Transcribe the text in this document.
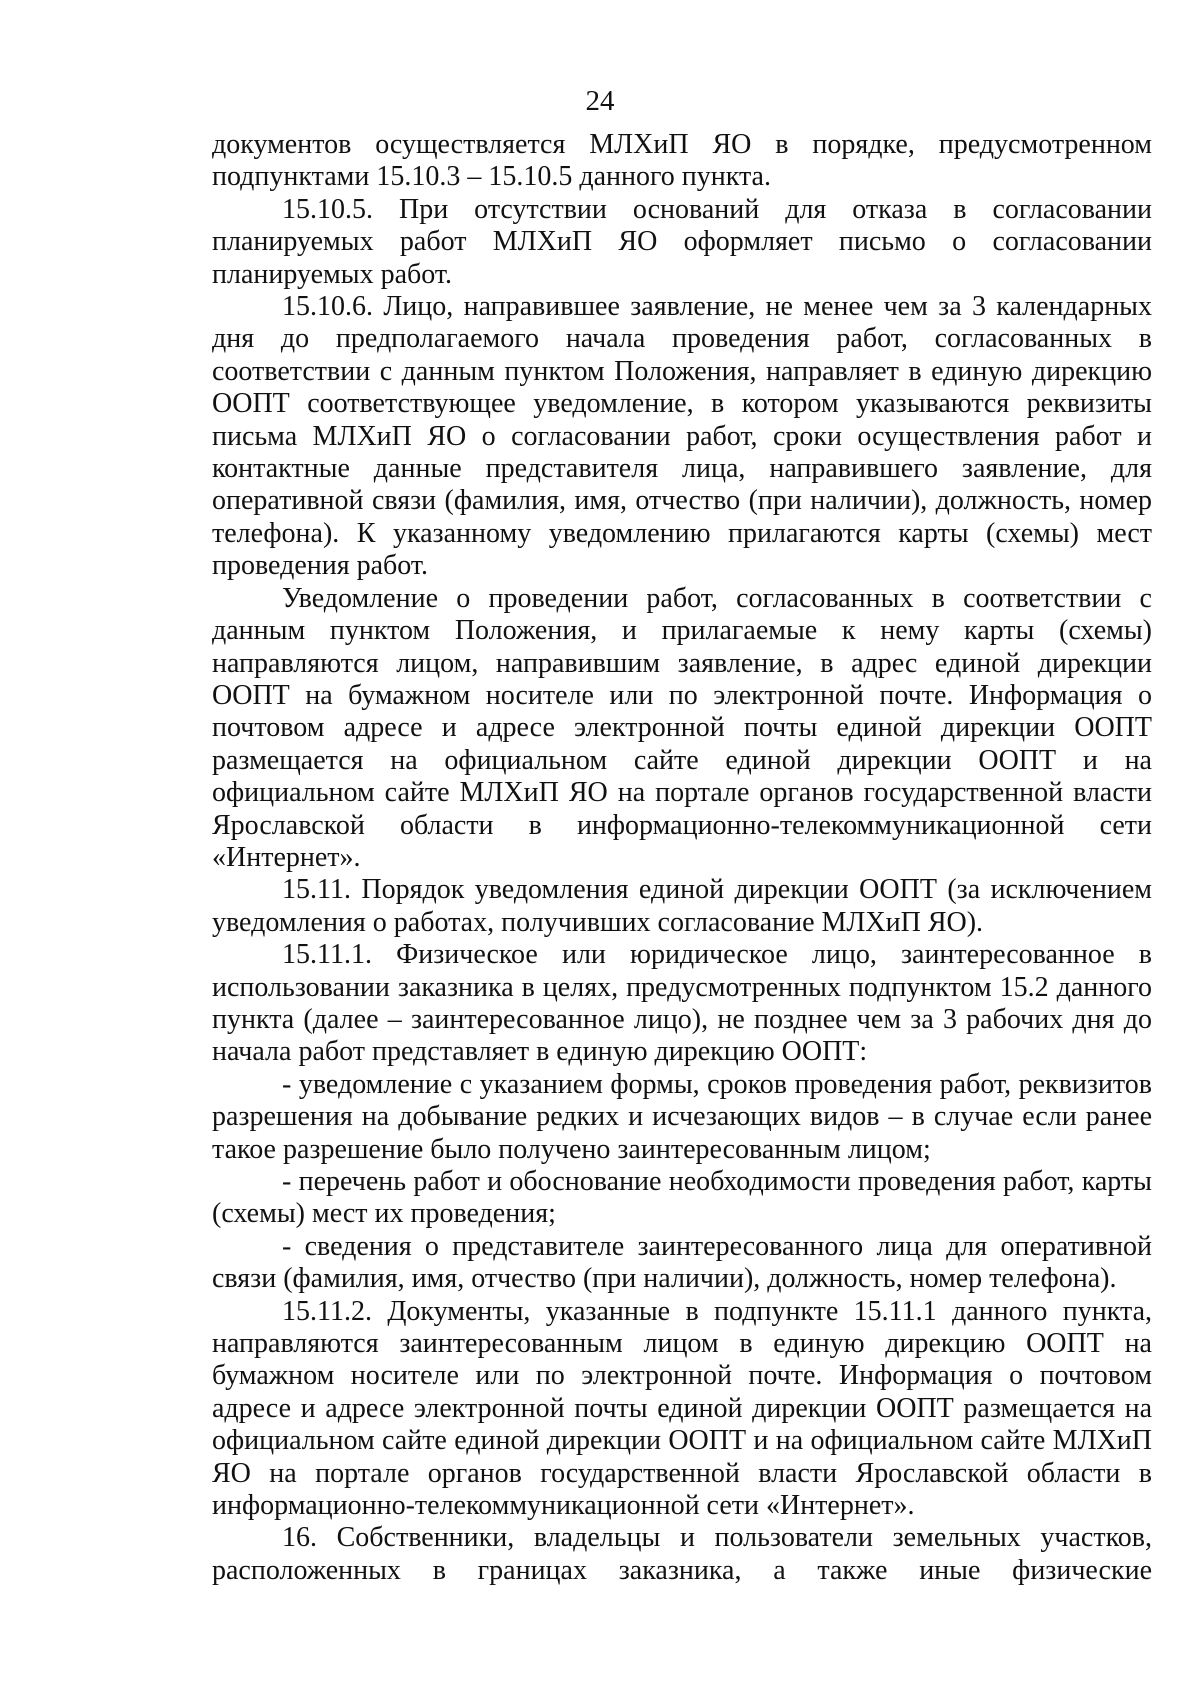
24

документов осуществляется МЛХиП ЯО в порядке, предусмотренном подпунктами 15.10.3 – 15.10.5 данного пункта.

15.10.5. При отсутствии оснований для отказа в согласовании планируемых работ МЛХиП ЯО оформляет письмо о согласовании планируемых работ.

15.10.6. Лицо, направившее заявление, не менее чем за 3 календарных дня до предполагаемого начала проведения работ, согласованных в соответствии с данным пунктом Положения, направляет в единую дирекцию ООПТ соответствующее уведомление, в котором указываются реквизиты письма МЛХиП ЯО о согласовании работ, сроки осуществления работ и контактные данные представителя лица, направившего заявление, для оперативной связи (фамилия, имя, отчество (при наличии), должность, номер телефона). К указанному уведомлению прилагаются карты (схемы) мест проведения работ.

Уведомление о проведении работ, согласованных в соответствии с данным пунктом Положения, и прилагаемые к нему карты (схемы) направляются лицом, направившим заявление, в адрес единой дирекции ООПТ на бумажном носителе или по электронной почте. Информация о почтовом адресе и адресе электронной почты единой дирекции ООПТ размещается на официальном сайте единой дирекции ООПТ и на официальном сайте МЛХиП ЯО на портале органов государственной власти Ярославской области в информационно-телекоммуникационной сети «Интернет».

15.11. Порядок уведомления единой дирекции ООПТ (за исключением уведомления о работах, получивших согласование МЛХиП ЯО).

15.11.1. Физическое или юридическое лицо, заинтересованное в использовании заказника в целях, предусмотренных подпунктом 15.2 данного пункта (далее – заинтересованное лицо), не позднее чем за 3 рабочих дня до начала работ представляет в единую дирекцию ООПТ:

- уведомление с указанием формы, сроков проведения работ, реквизитов разрешения на добывание редких и исчезающих видов – в случае если ранее такое разрешение было получено заинтересованным лицом;

- перечень работ и обоснование необходимости проведения работ, карты (схемы) мест их проведения;

- сведения о представителе заинтересованного лица для оперативной связи (фамилия, имя, отчество (при наличии), должность, номер телефона).

15.11.2. Документы, указанные в подпункте 15.11.1 данного пункта, направляются заинтересованным лицом в единую дирекцию ООПТ на бумажном носителе или по электронной почте. Информация о почтовом адресе и адресе электронной почты единой дирекции ООПТ размещается на официальном сайте единой дирекции ООПТ и на официальном сайте МЛХиП ЯО на портале органов государственной власти Ярославской области в информационно-телекоммуникационной сети «Интернет».

16. Собственники, владельцы и пользователи земельных участков, расположенных в границах заказника, а также иные физические
